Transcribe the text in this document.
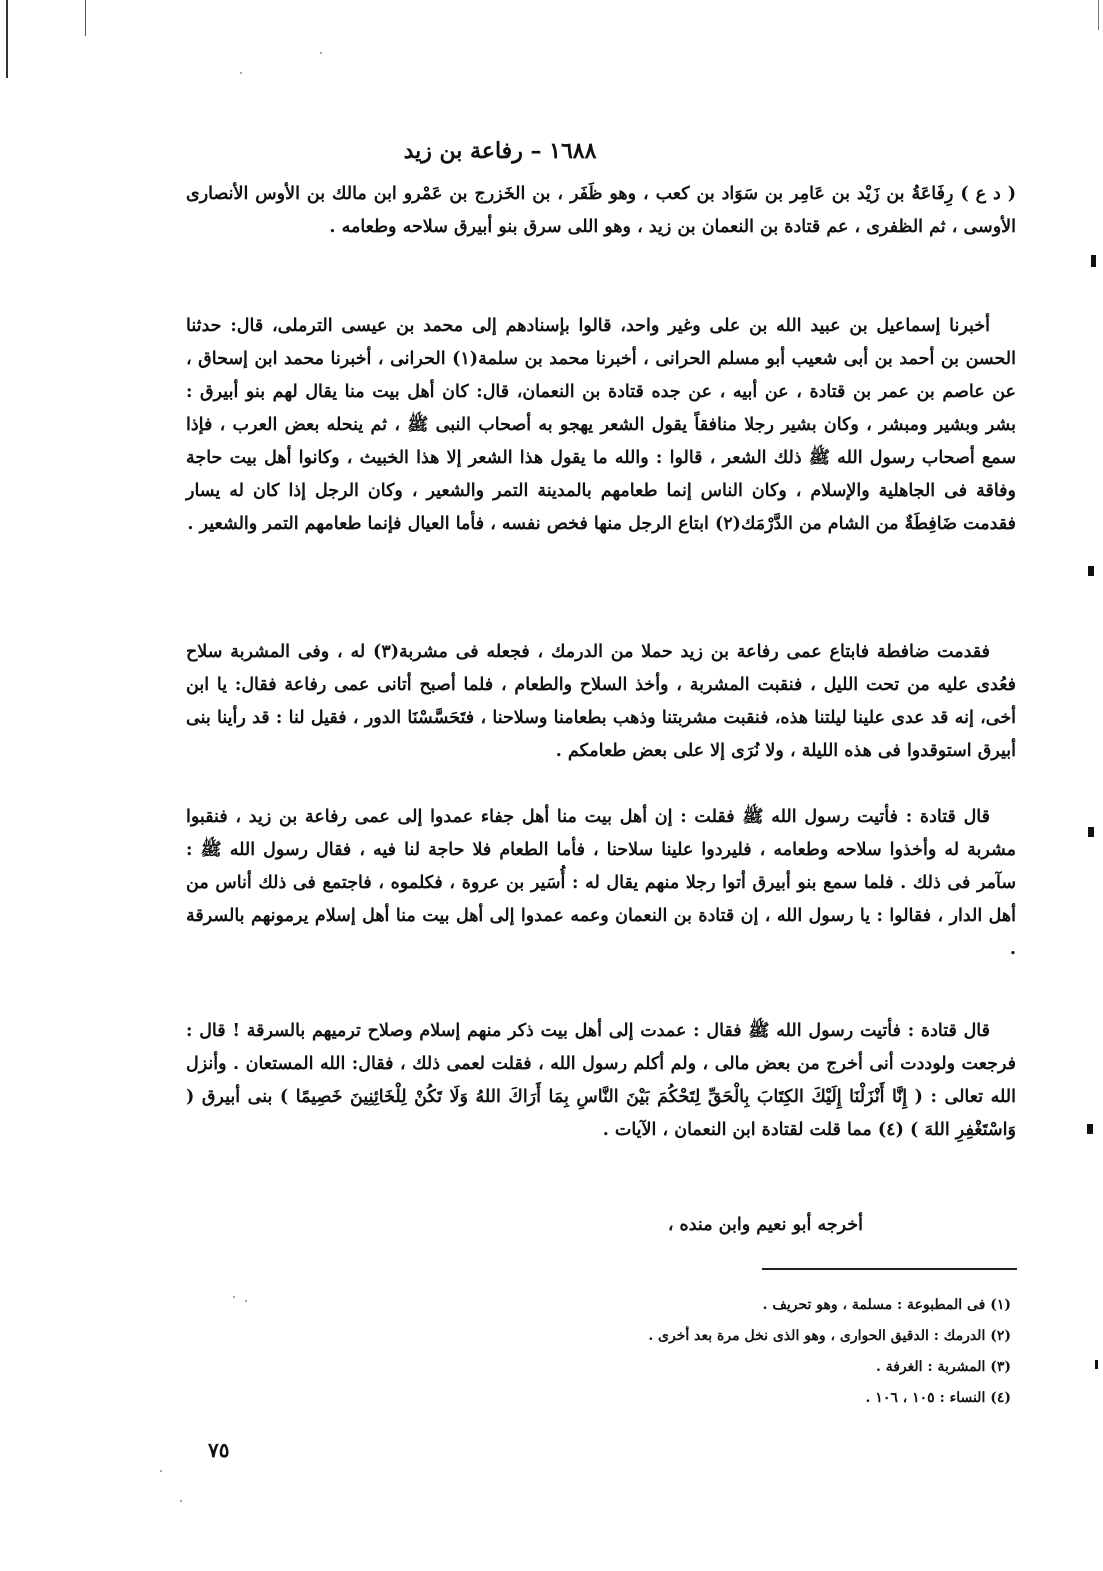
١٦٨٨ – رفاعة بن زيد

( د ع ) رِفَاعَةُ بن زَيْد بن عَامِر بن سَوَاد بن كعب ، وهو ظَفَر ، بن الخَزرج بن عَمْرو ابن مالك بن الأوس الأنصارى الأوسى ، ثم الظفرى ، عم قتادة بن النعمان بن زيد ، وهو اللى سرق بنو أبيرق سلاحه وطعامه .

أخبرنا إسماعيل بن عبيد الله بن على وغير واحد، قالوا بإسنادهم إلى محمد بن عيسى الترملى، قال: حدثنا الحسن بن أحمد بن أبى شعيب أبو مسلم الحرانى ، أخبرنا محمد بن سلمة(١) الحرانى ، أخبرنا محمد ابن إسحاق ، عن عاصم بن عمر بن قتادة ، عن أبيه ، عن جده قتادة بن النعمان، قال: كان أهل بيت منا يقال لهم بنو أبيرق : بشر وبشير ومبشر ، وكان بشير رجلا منافقاً يقول الشعر يهجو به أصحاب النبى ﷺ ، ثم ينحله بعض العرب ، فإذا سمع أصحاب رسول الله ﷺ ذلك الشعر ، قالوا : والله ما يقول هذا الشعر إلا هذا الخبيث ، وكانوا أهل بيت حاجة وفاقة فى الجاهلية والإسلام ، وكان الناس إنما طعامهم بالمدينة التمر والشعير ، وكان الرجل إذا كان له يسار فقدمت ضَافِطَةٌ من الشام من الدَّرْمَك(٢) ابتاع الرجل منها فخص نفسه ، فأما العيال فإنما طعامهم التمر والشعير .

فقدمت ضافطة فابتاع عمى رفاعة بن زيد حملا من الدرمك ، فجعله فى مشربة(٣) له ، وفى المشربة سلاح فعُدى عليه من تحت الليل ، فنقبت المشربة ، وأخذ السلاح والطعام ، فلما أصبح أتانى عمى رفاعة فقال: يا ابن أخى، إنه قد عدى علينا ليلتنا هذه، فنقبت مشربتنا وذهب بطعامنا وسلاحنا ، فتَحَسَّسْنَا الدور ، فقيل لنا : قد رأينا بنى أبيرق استوقدوا فى هذه الليلة ، ولا نُرَى إلا على بعض طعامكم .

قال قتادة : فأتيت رسول الله ﷺ فقلت : إن أهل بيت منا أهل جفاء عمدوا إلى عمى رفاعة بن زيد ، فنقبوا مشربة له وأخذوا سلاحه وطعامه ، فليردوا علينا سلاحنا ، فأما الطعام فلا حاجة لنا فيه ، فقال رسول الله ﷺ : سآمر فى ذلك . فلما سمع بنو أبيرق أتوا رجلا منهم يقال له : أُسَير بن عروة ، فكلموه ، فاجتمع فى ذلك أناس من أهل الدار ، فقالوا : يا رسول الله ، إن قتادة بن النعمان وعمه عمدوا إلى أهل بيت منا أهل إسلام يرمونهم بالسرقة .

قال قتادة : فأتيت رسول الله ﷺ فقال : عمدت إلى أهل بيت ذكر منهم إسلام وصلاح ترميهم بالسرقة ! قال : فرجعت ولوددت أنى أخرج من بعض مالى ، ولم أكلم رسول الله ، فقلت لعمى ذلك ، فقال: الله المستعان . وأنزل الله تعالى : ( إِنَّا أَنْزَلْنَا إِلَيْكَ الكِتَابَ بِالْحَقِّ لِتَحْكُمَ بَيْنَ النَّاسِ بِمَا أَرَاكَ اللهُ وَلَا تَكُنْ لِلْخَائِنِينَ خَصِيمًا ) بنى أبيرق ( وَاسْتَغْفِرِ اللهَ ) (٤) مما قلت لقتادة ابن النعمان ، الآيات .

أخرجه أبو نعيم وابن منده ،
(١) فى المطبوعة : مسلمة ، وهو تحريف .
(٢) الدرمك : الدقيق الحوارى ، وهو الذى نخل مرة بعد أخرى .
(٣) المشربة : الغرفة .
(٤) النساء : ١٠٥ ، ١٠٦ .
٧٥
